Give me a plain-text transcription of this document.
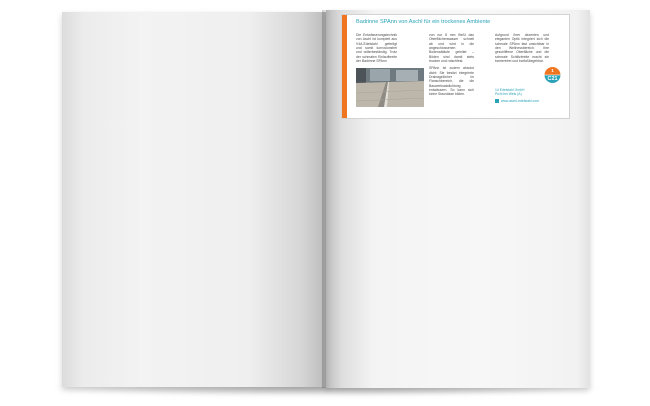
Badrinne SPAnn von Aschl für ein trockenes Ambiente

Die Entwässerungstechnik von Aschl ist komplett aus V4A-Edelstahl gefertigt und somit korrosionsfrei und witterbeständig. Trotz der schmalen Einlaufbreite der Badrinne SPAnn

von nur 8 mm fließt das Oberflächenwasser schnell ab und wird in die angeschlossenen Bodenabläufe geleitet – Böden sind damit stets trocken und rutschfest.

SPAnn ist zudem absolut dicht: Sie besitzt integrierte Drainagelöcher im Flanschbereich, die die Bauwerksabdichtung entwässern. So kann sich keine Staunässe bilden.

Aufgrund ihrer dezenten und eleganten Optik integriert sich die schmale SPAnn fast unsichtbar in den Wellnessbereich. Ihre geschliffene Oberfläche und die schmale Schlitzbreite macht sie barrierefrei und barfußbegehbar.

1
C21
14 Edelstahl GmbH
Pichl bei Wels (A)
www.aschl-edelstahl.com
